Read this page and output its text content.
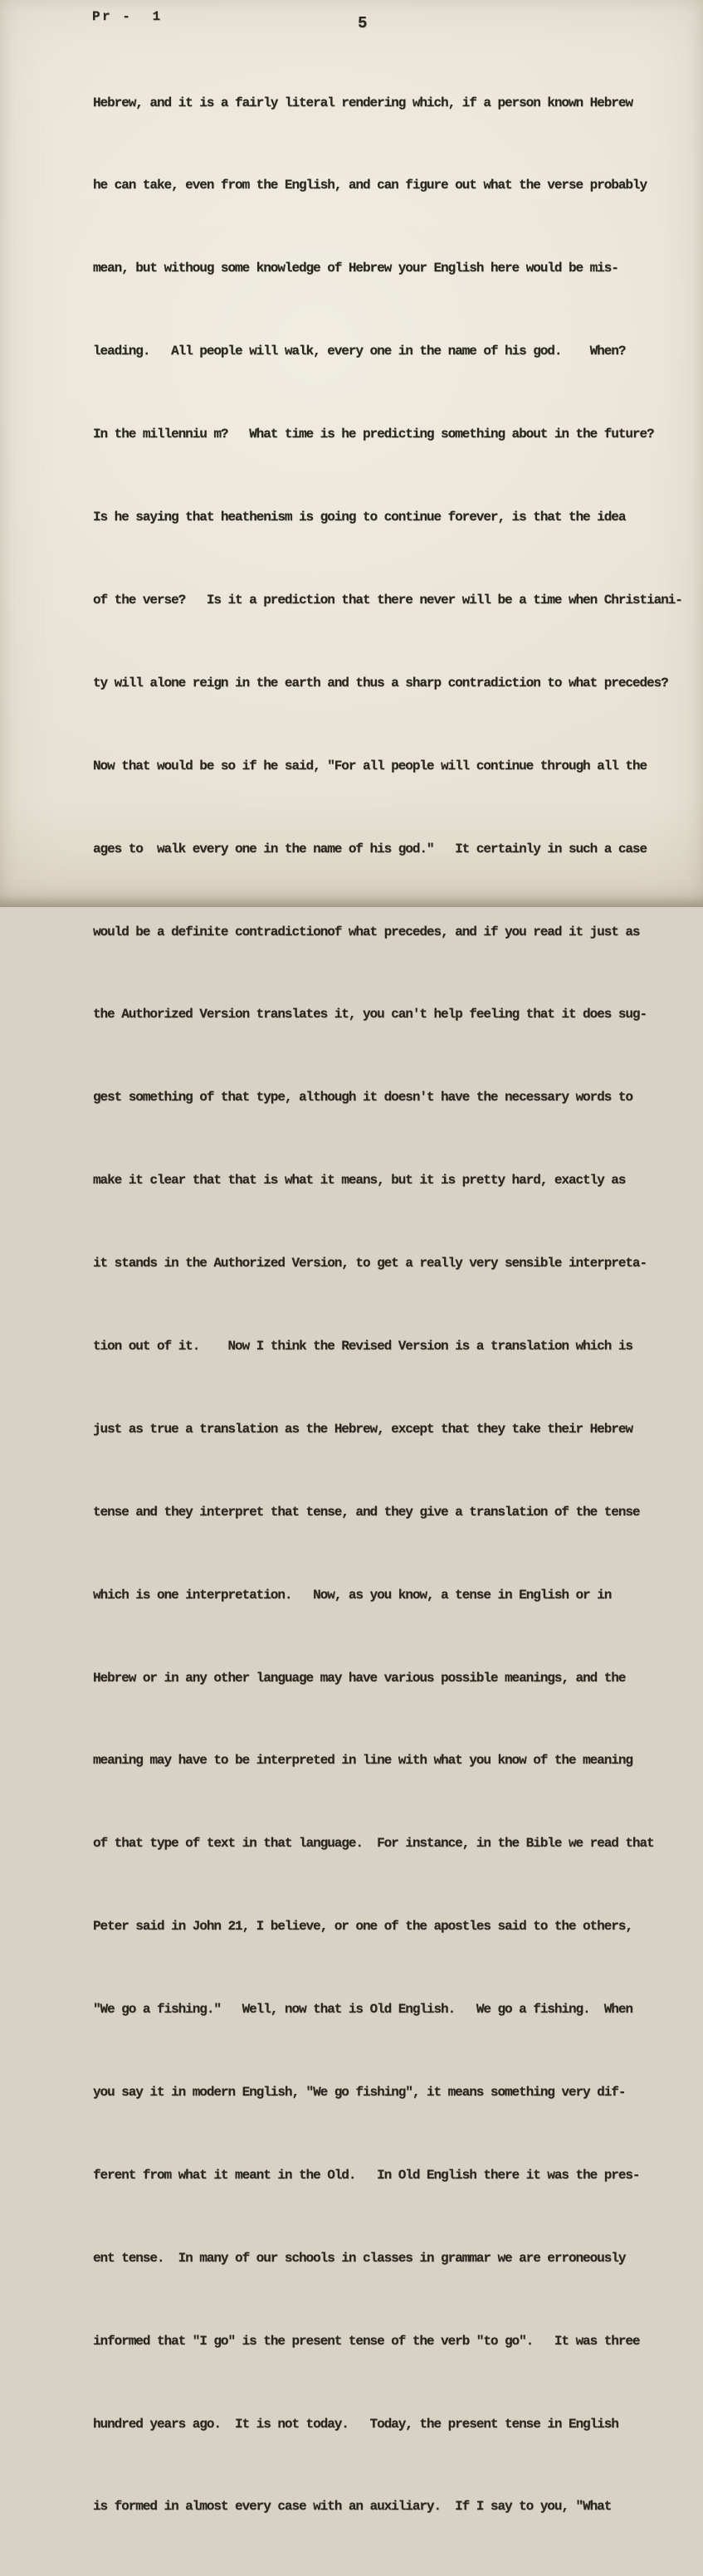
Pr -  1	5

Hebrew, and it is a fairly literal rendering which, if a person known Hebrew

he can take, even from the English, and can figure out what the verse probably

mean, but withoug some knowledge of Hebrew your English here would be mis-

leading.   All people will walk, every one in the name of his god.    When?

In the millenniu m?   What time is he predicting something about in the future?

Is he saying that heathenism is going to continue forever, is that the idea

of the verse?   Is it a prediction that there never will be a time when Christiani-

ty will alone reign in the earth and thus a sharp contradiction to what precedes?

Now that would be so if he said, "For all people will continue through all the

ages to  walk every one in the name of his god."   It certainly in such a case

would be a definite contradictionof what precedes, and if you read it just as

the Authorized Version translates it, you can't help feeling that it does sug-

gest something of that type, although it doesn't have the necessary words to

make it clear that that is what it means, but it is pretty hard, exactly as

it stands in the Authorized Version, to get a really very sensible interpreta-

tion out of it.    Now I think the Revised Version is a translation which is

just as true a translation as the Hebrew, except that they take their Hebrew

tense and they interpret that tense, and they give a translation of the tense

which is one interpretation.   Now, as you know, a tense in English or in

Hebrew or in any other language may have various possible meanings, and the

meaning may have to be interpreted in line with what you know of the meaning

of that type of text in that language.  For instance, in the Bible we read that

Peter said in John 21, I believe, or one of the apostles said to the others,

"We go a fishing."   Well, now that is Old English.   We go a fishing.  When

you say it in modern English, "We go fishing", it means something very dif-

ferent from what it meant in the Old.   In Old English there it was the pres-

ent tense.  In many of our schools in classes in grammar we are erroneously

informed that "I go" is the present tense of the verb "to go".   It was three

hundred years ago.  It is not today.   Today, the present tense in English

is formed in almost every case with an auxiliary.  If I say to you, "What
